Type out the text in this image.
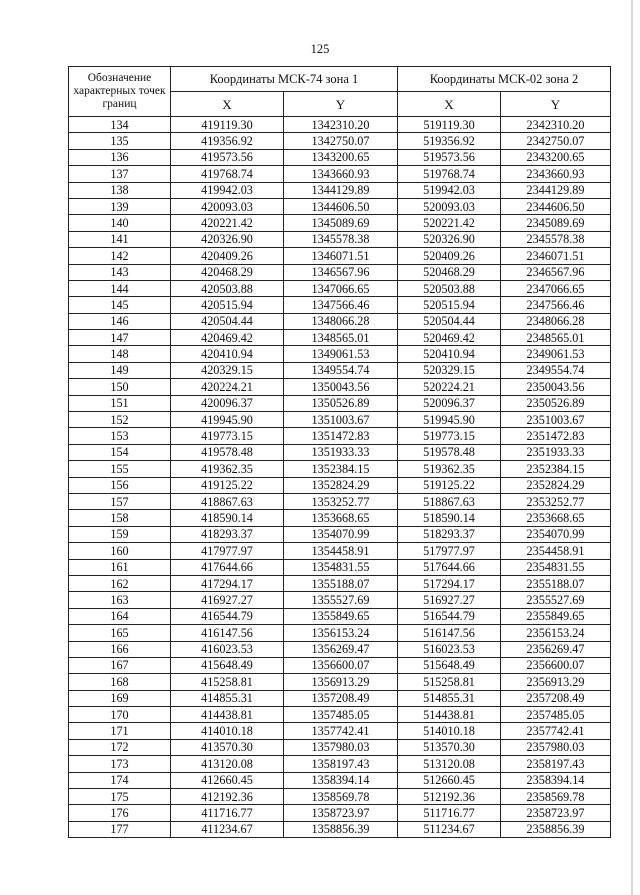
125
Обозначение характерных точек границ	Координаты МСК-74 зона 1		Координаты МСК-02 зона 2	
	X	Y	X	Y
134	419119.30	1342310.20	519119.30	2342310.20
135	419356.92	1342750.07	519356.92	2342750.07
136	419573.56	1343200.65	519573.56	2343200.65
137	419768.74	1343660.93	519768.74	2343660.93
138	419942.03	1344129.89	519942.03	2344129.89
139	420093.03	1344606.50	520093.03	2344606.50
140	420221.42	1345089.69	520221.42	2345089.69
141	420326.90	1345578.38	520326.90	2345578.38
142	420409.26	1346071.51	520409.26	2346071.51
143	420468.29	1346567.96	520468.29	2346567.96
144	420503.88	1347066.65	520503.88	2347066.65
145	420515.94	1347566.46	520515.94	2347566.46
146	420504.44	1348066.28	520504.44	2348066.28
147	420469.42	1348565.01	520469.42	2348565.01
148	420410.94	1349061.53	520410.94	2349061.53
149	420329.15	1349554.74	520329.15	2349554.74
150	420224.21	1350043.56	520224.21	2350043.56
151	420096.37	1350526.89	520096.37	2350526.89
152	419945.90	1351003.67	519945.90	2351003.67
153	419773.15	1351472.83	519773.15	2351472.83
154	419578.48	1351933.33	519578.48	2351933.33
155	419362.35	1352384.15	519362.35	2352384.15
156	419125.22	1352824.29	519125.22	2352824.29
157	418867.63	1353252.77	518867.63	2353252.77
158	418590.14	1353668.65	518590.14	2353668.65
159	418293.37	1354070.99	518293.37	2354070.99
160	417977.97	1354458.91	517977.97	2354458.91
161	417644.66	1354831.55	517644.66	2354831.55
162	417294.17	1355188.07	517294.17	2355188.07
163	416927.27	1355527.69	516927.27	2355527.69
164	416544.79	1355849.65	516544.79	2355849.65
165	416147.56	1356153.24	516147.56	2356153.24
166	416023.53	1356269.47	516023.53	2356269.47
167	415648.49	1356600.07	515648.49	2356600.07
168	415258.81	1356913.29	515258.81	2356913.29
169	414855.31	1357208.49	514855.31	2357208.49
170	414438.81	1357485.05	514438.81	2357485.05
171	414010.18	1357742.41	514010.18	2357742.41
172	413570.30	1357980.03	513570.30	2357980.03
173	413120.08	1358197.43	513120.08	2358197.43
174	412660.45	1358394.14	512660.45	2358394.14
175	412192.36	1358569.78	512192.36	2358569.78
176	411716.77	1358723.97	511716.77	2358723.97
177	411234.67	1358856.39	511234.67	2358856.39
